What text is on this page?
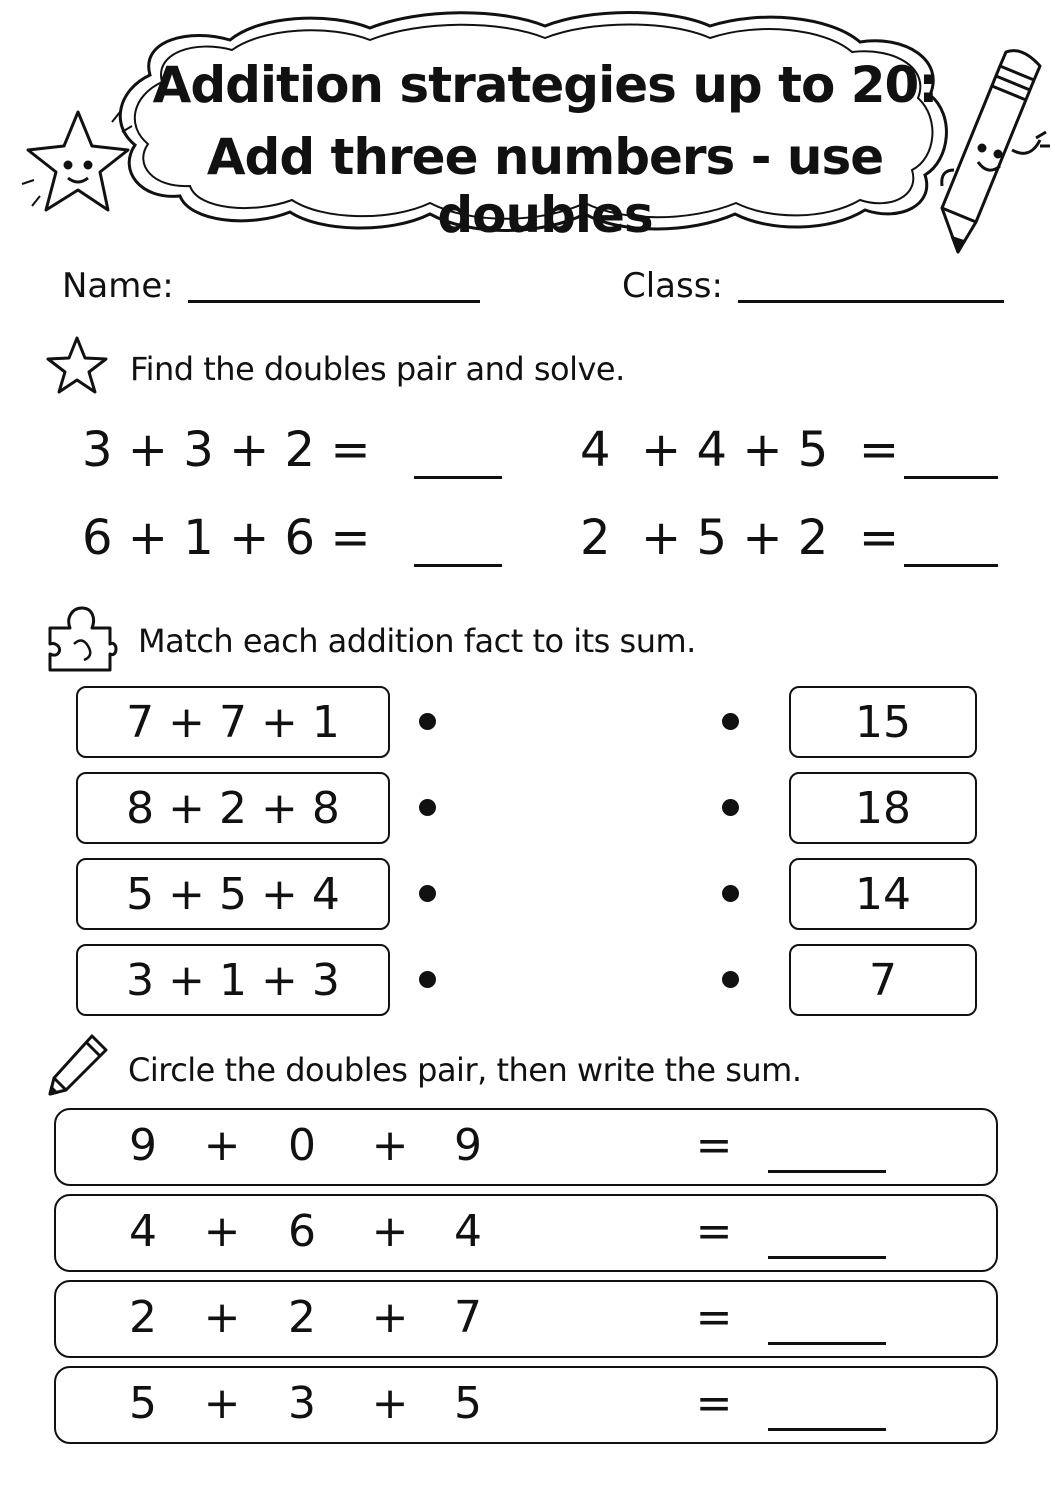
Addition strategies up to 20:
Add three numbers - use doubles
Name:	Class:
Find the doubles pair and solve.
3 + 3 + 2 =	4  + 4 + 5  =
6 + 1 + 6 =	2  + 5 + 2  =
Match each addition fact to its sum.
7 + 7 + 1
8 + 2 + 8
5 + 5 + 4
3 + 1 + 3
15
18
14
7
Circle the doubles pair, then write the sum.
9	+	0	+	9	=
4	+	6	+	4	=
2	+	2	+	7	=
5	+	3	+	5	=
